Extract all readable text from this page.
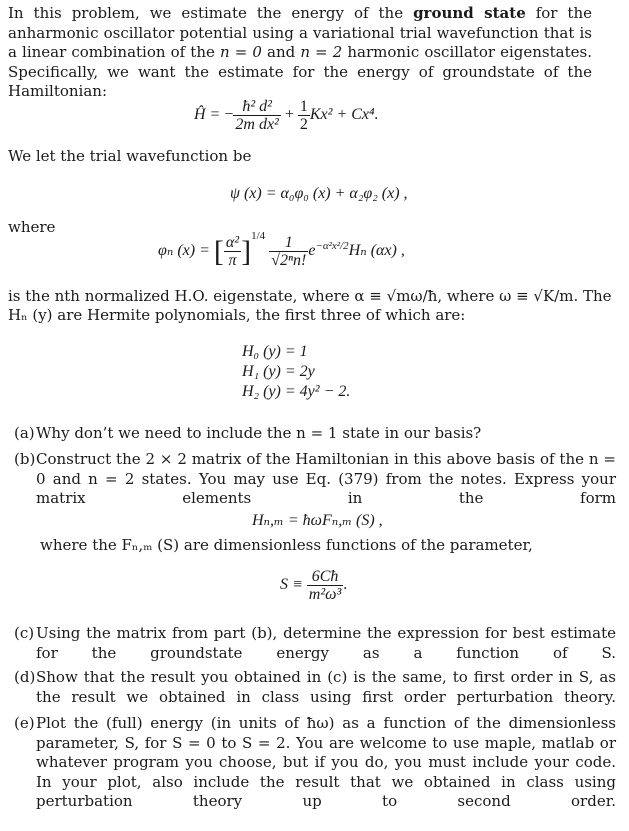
In this problem, we estimate the energy of the ground state for the anharmonic oscillator potential using a variational trial wavefunction that is a linear combination of the n = 0 and n = 2 harmonic oscillator eigenstates. Specifically, we want the estimate for the energy of groundstate of the Hamiltonian:

Ĥ = − $\frac{\text{ħ² d²}}{\text{2m dx²}} + \frac{1}{2} Kx^2 + Cx^4$.

We let the trial wavefunction be

ψ (x) = α₀φ₀ (x) + α₂φ₂ (x) ,

where

φₙ (x) = [ $\frac{\text{α²}}{\pi} ]^{1/4} \frac{1}{\text{√2ⁿn!}} e^{-\alpha^2x^2/2}H_n$ (αx) ,

is the nth normalized H.O. eigenstate, where α ≡ √mω/ħ, where ω ≡ √K/m. The

Hₙ (y) are Hermite polynomials, the first three of which are:

H₀ (y) = 1
H₁ (y) = 2y
H₂ (y) = 4y² − 2.
(a) Why don’t we need to include the n = 1 state in our basis?

(b) Construct the 2 × 2 matrix of the Hamiltonian in this above basis of the n = 0 and n = 2 states. You may use Eq. (379) from the notes. Express your matrix elements in the form

Hₙ,ₘ = ħωFₙ,ₘ (S) ,

where the Fₙ,ₘ (S) are dimensionless functions of the parameter,

$S \equiv \frac{6Cħ}{\text{m²ω³}}$ .
(c) Using the matrix from part (b), determine the expression for best estimate for the groundstate energy as a function of S.

(d) Show that the result you obtained in (c) is the same, to first order in S, as the result we obtained in class using first order perturbation theory.

(e) Plot the (full) energy (in units of ħω) as a function of the dimensionless parameter, S, for S = 0 to S = 2. You are welcome to use maple, matlab or whatever program you choose, but if you do, you must include your code. In your plot, also include the result that we obtained in class using perturbation theory up to second order.
